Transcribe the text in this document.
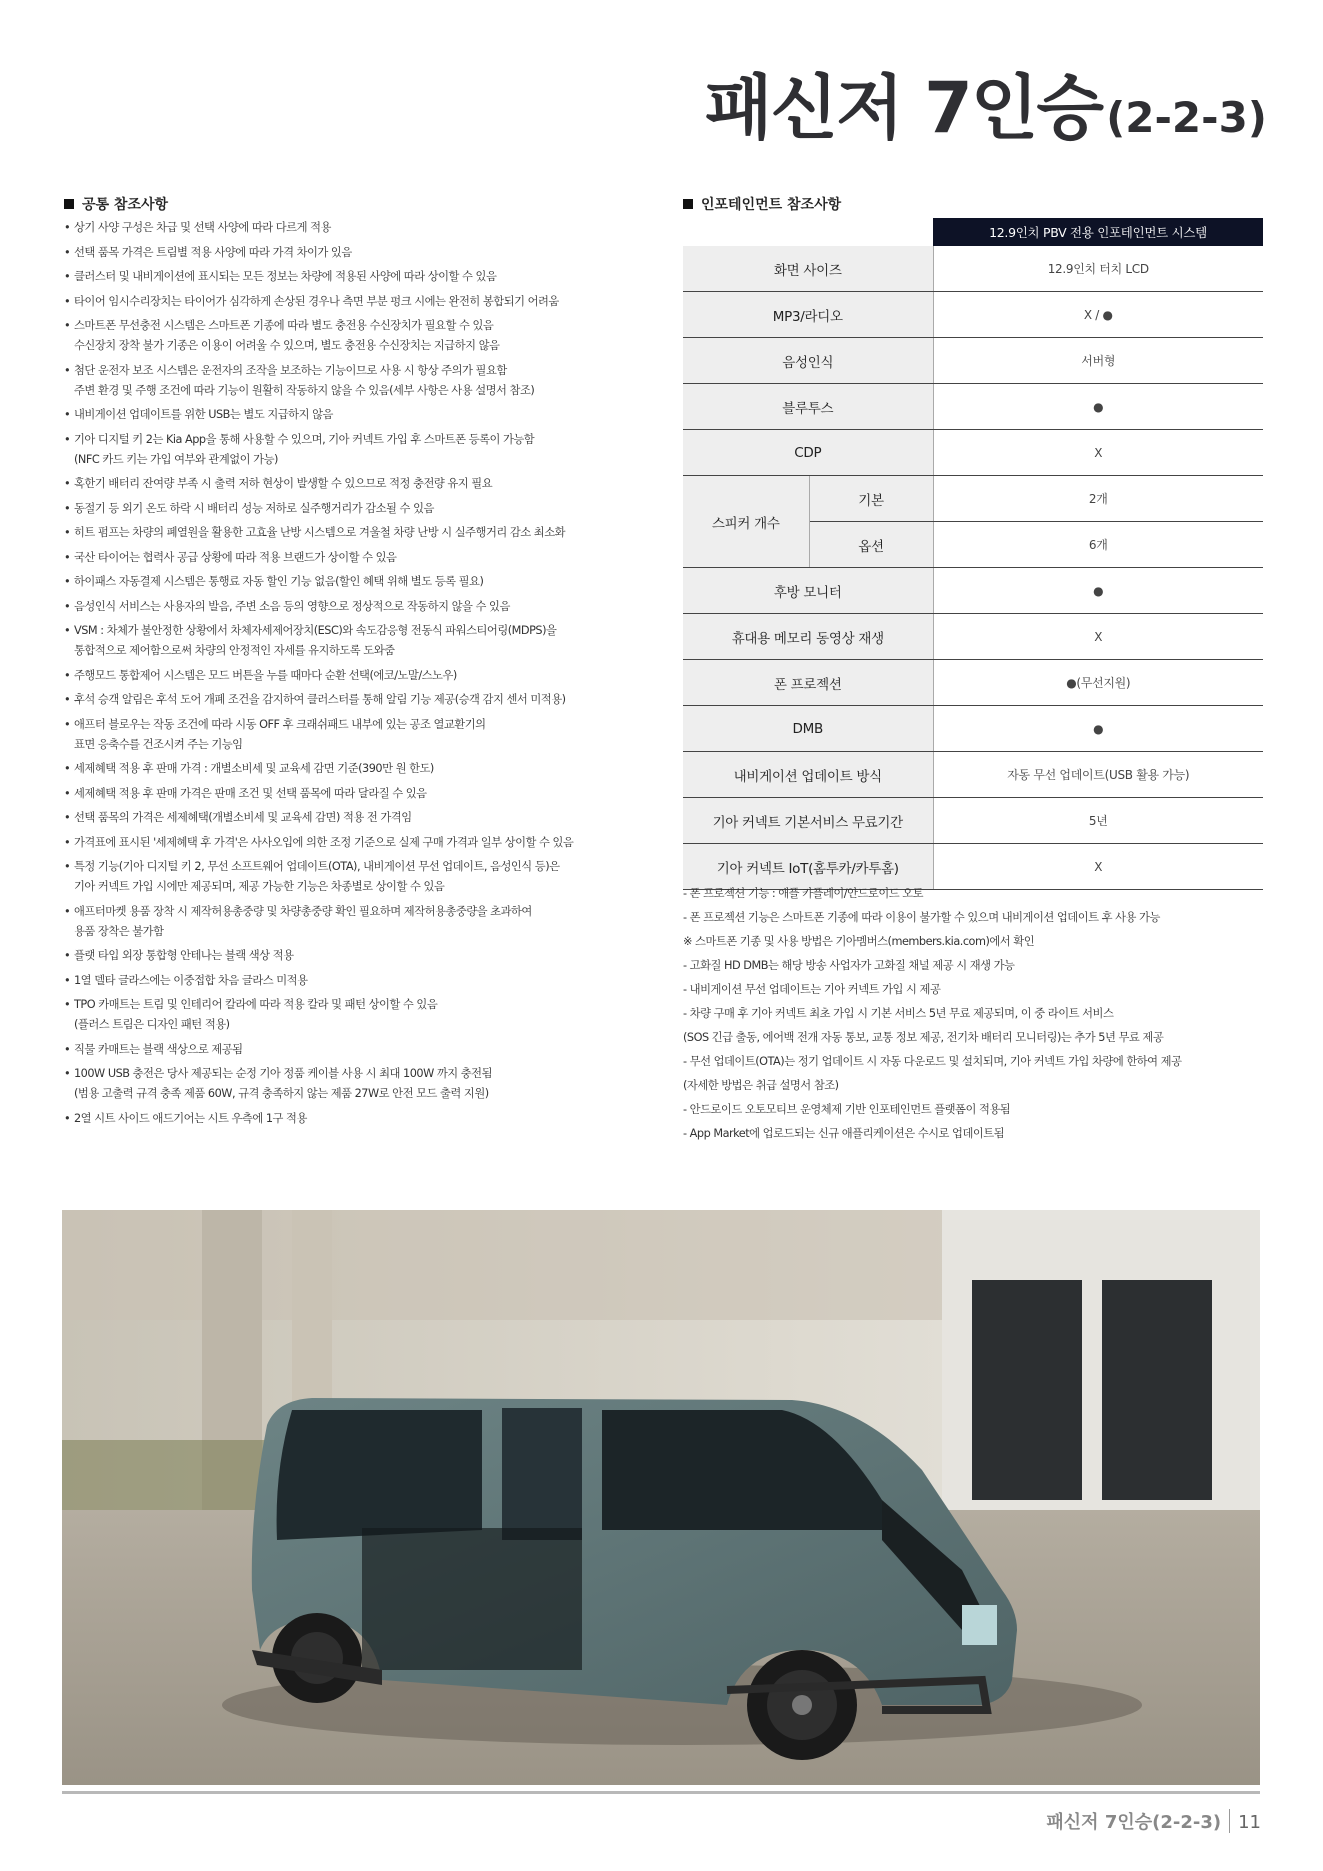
패신저 7인승(2-2-3)
공통 참조사항
• 상기 사양 구성은 차급 및 선택 사양에 따라 다르게 적용
• 선택 품목 가격은 트림별 적용 사양에 따라 가격 차이가 있음
• 클러스터 및 내비게이션에 표시되는 모든 정보는 차량에 적용된 사양에 따라 상이할 수 있음
• 타이어 임시수리장치는 타이어가 심각하게 손상된 경우나 측면 부분 펑크 시에는 완전히 봉합되기 어려움
• 스마트폰 무선충전 시스템은 스마트폰 기종에 따라 별도 충전용 수신장치가 필요할 수 있음
수신장치 장착 불가 기종은 이용이 어려울 수 있으며, 별도 충전용 수신장치는 지급하지 않음
• 첨단 운전자 보조 시스템은 운전자의 조작을 보조하는 기능이므로 사용 시 항상 주의가 필요함
주변 환경 및 주행 조건에 따라 기능이 원활히 작동하지 않을 수 있음(세부 사항은 사용 설명서 참조)
• 내비게이션 업데이트를 위한 USB는 별도 지급하지 않음
• 기아 디지털 키 2는 Kia App을 통해 사용할 수 있으며, 기아 커넥트 가입 후 스마트폰 등록이 가능함
(NFC 카드 키는 가입 여부와 관계없이 가능)
• 혹한기 배터리 잔여량 부족 시 출력 저하 현상이 발생할 수 있으므로 적정 충전량 유지 필요
• 동절기 등 외기 온도 하락 시 배터리 성능 저하로 실주행거리가 감소될 수 있음
• 히트 펌프는 차량의 폐열원을 활용한 고효율 난방 시스템으로 겨울철 차량 난방 시 실주행거리 감소 최소화
• 국산 타이어는 협력사 공급 상황에 따라 적용 브랜드가 상이할 수 있음
• 하이패스 자동결제 시스템은 통행료 자동 할인 기능 없음(할인 혜택 위해 별도 등록 필요)
• 음성인식 서비스는 사용자의 발음, 주변 소음 등의 영향으로 정상적으로 작동하지 않을 수 있음
• VSM : 차체가 불안정한 상황에서 차체자세제어장치(ESC)와 속도감응형 전동식 파워스티어링(MDPS)을
통합적으로 제어함으로써 차량의 안정적인 자세를 유지하도록 도와줌
• 주행모드 통합제어 시스템은 모드 버튼을 누를 때마다 순환 선택(에코/노말/스노우)
• 후석 승객 알림은 후석 도어 개폐 조건을 감지하여 클러스터를 통해 알림 기능 제공(승객 감지 센서 미적용)
• 애프터 블로우는 작동 조건에 따라 시동 OFF 후 크래쉬패드 내부에 있는 공조 열교환기의
표면 응축수를 건조시켜 주는 기능임
• 세제혜택 적용 후 판매 가격 : 개별소비세 및 교육세 감면 기준(390만 원 한도)
• 세제혜택 적용 후 판매 가격은 판매 조건 및 선택 품목에 따라 달라질 수 있음
• 선택 품목의 가격은 세제혜택(개별소비세 및 교육세 감면) 적용 전 가격임
• 가격표에 표시된 '세제혜택 후 가격'은 사사오입에 의한 조정 기준으로 실제 구매 가격과 일부 상이할 수 있음
• 특정 기능(기아 디지털 키 2, 무선 소프트웨어 업데이트(OTA), 내비게이션 무선 업데이트, 음성인식 등)은
기아 커넥트 가입 시에만 제공되며, 제공 가능한 기능은 차종별로 상이할 수 있음
• 애프터마켓 용품 장착 시 제작허용총중량 및 차량총중량 확인 필요하며 제작허용총중량을 초과하여
용품 장착은 불가함
• 플랫 타입 외장 통합형 안테나는 블랙 색상 적용
• 1열 델타 글라스에는 이중접합 차음 글라스 미적용
• TPO 카매트는 트림 및 인테리어 칼라에 따라 적용 칼라 및 패턴 상이할 수 있음
(플러스 트림은 디자인 패턴 적용)
• 직물 카매트는 블랙 색상으로 제공됨
• 100W USB 충전은 당사 제공되는 순정 기아 정품 케이블 사용 시 최대 100W 까지 충전됨
(범용 고출력 규격 충족 제품 60W, 규격 충족하지 않는 제품 27W로 안전 모드 출력 지원)
• 2열 시트 사이드 애드기어는 시트 우측에 1구 적용
인포테인먼트 참조사항
		12.9인치 PBV 전용 인포테인먼트 시스템
화면 사이즈		12.9인치 터치 LCD
MP3/라디오		X / ●
음성인식		서버형
블루투스		●
CDP		X
스피커 개수	기본	2개
	옵션	6개
후방 모니터		●
휴대용 메모리 동영상 재생		X
폰 프로젝션		●(무선지원)
DMB		●
내비게이션 업데이트 방식		자동 무선 업데이트(USB 활용 가능)
기아 커넥트 기본서비스 무료기간		5년
기아 커넥트 IoT(홈투카/카투홈)		X
- 폰 프로젝션 기능 : 애플 카플레이/안드로이드 오토
- 폰 프로젝션 기능은 스마트폰 기종에 따라 이용이 불가할 수 있으며 내비게이션 업데이트 후 사용 가능
※ 스마트폰 기종 및 사용 방법은 기아멤버스(members.kia.com)에서 확인
- 고화질 HD DMB는 해당 방송 사업자가 고화질 채널 제공 시 재생 가능
- 내비게이션 무선 업데이트는 기아 커넥트 가입 시 제공
- 차량 구매 후 기아 커넥트 최초 가입 시 기본 서비스 5년 무료 제공되며, 이 중 라이트 서비스
(SOS 긴급 출동, 에어백 전개 자동 통보, 교통 정보 제공, 전기차 배터리 모니터링)는 추가 5년 무료 제공
- 무선 업데이트(OTA)는 정기 업데이트 시 자동 다운로드 및 설치되며, 기아 커넥트 가입 차량에 한하여 제공
(자세한 방법은 취급 설명서 참조)
- 안드로이드 오토모티브 운영체제 기반 인포테인먼트 플랫폼이 적용됨
- App Market에 업로드되는 신규 애플리케이션은 수시로 업데이트됨
패신저 7인승(2-2-3) 11
